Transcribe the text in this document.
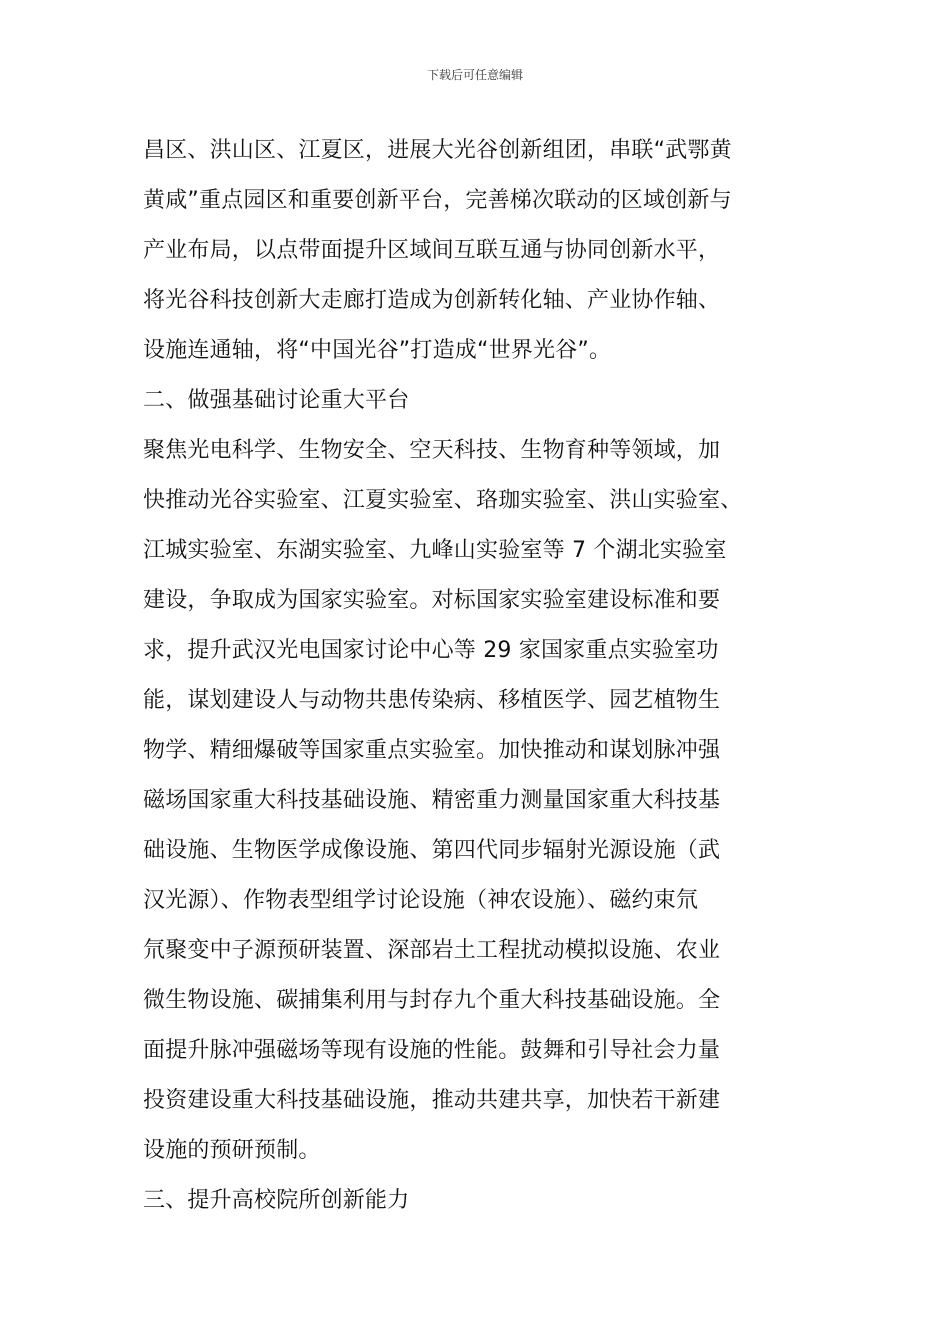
下载后可任意编辑
昌区、洪山区、江夏区，进展大光谷创新组团，串联“武鄂黄
黄咸”重点园区和重要创新平台，完善梯次联动的区域创新与
产业布局，以点带面提升区域间互联互通与协同创新水平，
将光谷科技创新大走廊打造成为创新转化轴、产业协作轴、
设施连通轴，将“中国光谷”打造成“世界光谷”。
二、做强基础讨论重大平台
聚焦光电科学、生物安全、空天科技、生物育种等领域，加
快推动光谷实验室、江夏实验室、珞珈实验室、洪山实验室、
江城实验室、东湖实验室、九峰山实验室等 7 个湖北实验室
建设，争取成为国家实验室。对标国家实验室建设标准和要
求，提升武汉光电国家讨论中心等 29 家国家重点实验室功
能，谋划建设人与动物共患传染病、移植医学、园艺植物生
物学、精细爆破等国家重点实验室。加快推动和谋划脉冲强
磁场国家重大科技基础设施、精密重力测量国家重大科技基
础设施、生物医学成像设施、第四代同步辐射光源设施（武
汉光源）、作物表型组学讨论设施（神农设施）、磁约束氘
氘聚变中子源预研装置、深部岩土工程扰动模拟设施、农业
微生物设施、碳捕集利用与封存九个重大科技基础设施。全
面提升脉冲强磁场等现有设施的性能。鼓舞和引导社会力量
投资建设重大科技基础设施，推动共建共享，加快若干新建
设施的预研预制。
三、提升高校院所创新能力
